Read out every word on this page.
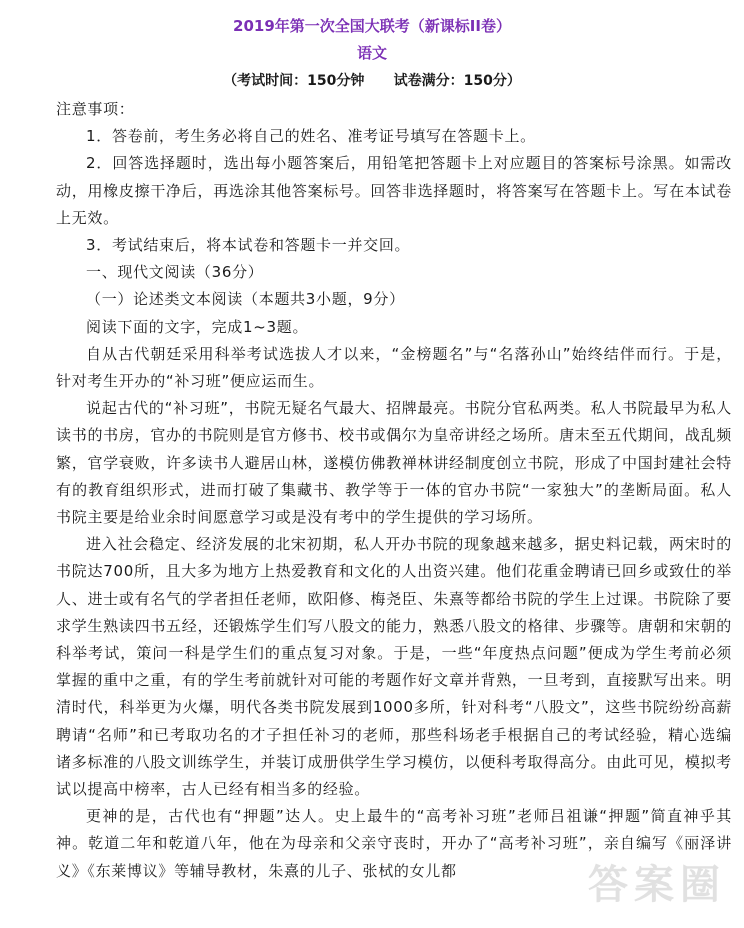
2019年第一次全国大联考（新课标II卷）
语文
（考试时间：150分钟      试卷满分：150分）

注意事项：

1．答卷前，考生务必将自己的姓名、准考证号填写在答题卡上。

2．回答选择题时，选出每小题答案后，用铅笔把答题卡上对应题目的答案标号涂黑。如需改动，用橡皮擦干净后，再选涂其他答案标号。回答非选择题时，将答案写在答题卡上。写在本试卷上无效。

3．考试结束后，将本试卷和答题卡一并交回。

一、现代文阅读（36分）

（一）论述类文本阅读（本题共3小题，9分）

阅读下面的文字，完成1~3题。

自从古代朝廷采用科举考试选拔人才以来，“金榜题名”与“名落孙山”始终结伴而行。于是，针对考生开办的“补习班”便应运而生。

说起古代的“补习班”，书院无疑名气最大、招牌最亮。书院分官私两类。私人书院最早为私人读书的书房，官办的书院则是官方修书、校书或偶尔为皇帝讲经之场所。唐末至五代期间，战乱频繁，官学衰败，许多读书人避居山林，遂模仿佛教禅林讲经制度创立书院，形成了中国封建社会特有的教育组织形式，进而打破了集藏书、教学等于一体的官办书院“一家独大”的垄断局面。私人书院主要是给业余时间愿意学习或是没有考中的学生提供的学习场所。

进入社会稳定、经济发展的北宋初期，私人开办书院的现象越来越多，据史料记载，两宋时的书院达700所，且大多为地方上热爱教育和文化的人出资兴建。他们花重金聘请已回乡或致仕的举人、进士或有名气的学者担任老师，欧阳修、梅尧臣、朱熹等都给书院的学生上过课。书院除了要求学生熟读四书五经，还锻炼学生们写八股文的能力，熟悉八股文的格律、步骤等。唐朝和宋朝的科举考试，策问一科是学生们的重点复习对象。于是，一些“年度热点问题”便成为学生考前必须掌握的重中之重，有的学生考前就针对可能的考题作好文章并背熟，一旦考到，直接默写出来。明清时代，科举更为火爆，明代各类书院发展到1000多所，针对科考“八股文”，这些书院纷纷高薪聘请“名师”和已考取功名的才子担任补习的老师，那些科场老手根据自己的考试经验，精心选编诸多标准的八股文训练学生，并装订成册供学生学习模仿，以便科考取得高分。由此可见，模拟考试以提高中榜率，古人已经有相当多的经验。

更神的是，古代也有“押题”达人。史上最牛的“高考补习班”老师吕祖谦“押题”简直神乎其神。乾道二年和乾道八年，他在为母亲和父亲守丧时，开办了“高考补习班”，亲自编写《丽泽讲义》《东莱博议》等辅导教材，朱熹的儿子、张栻的女儿都	答案圈
